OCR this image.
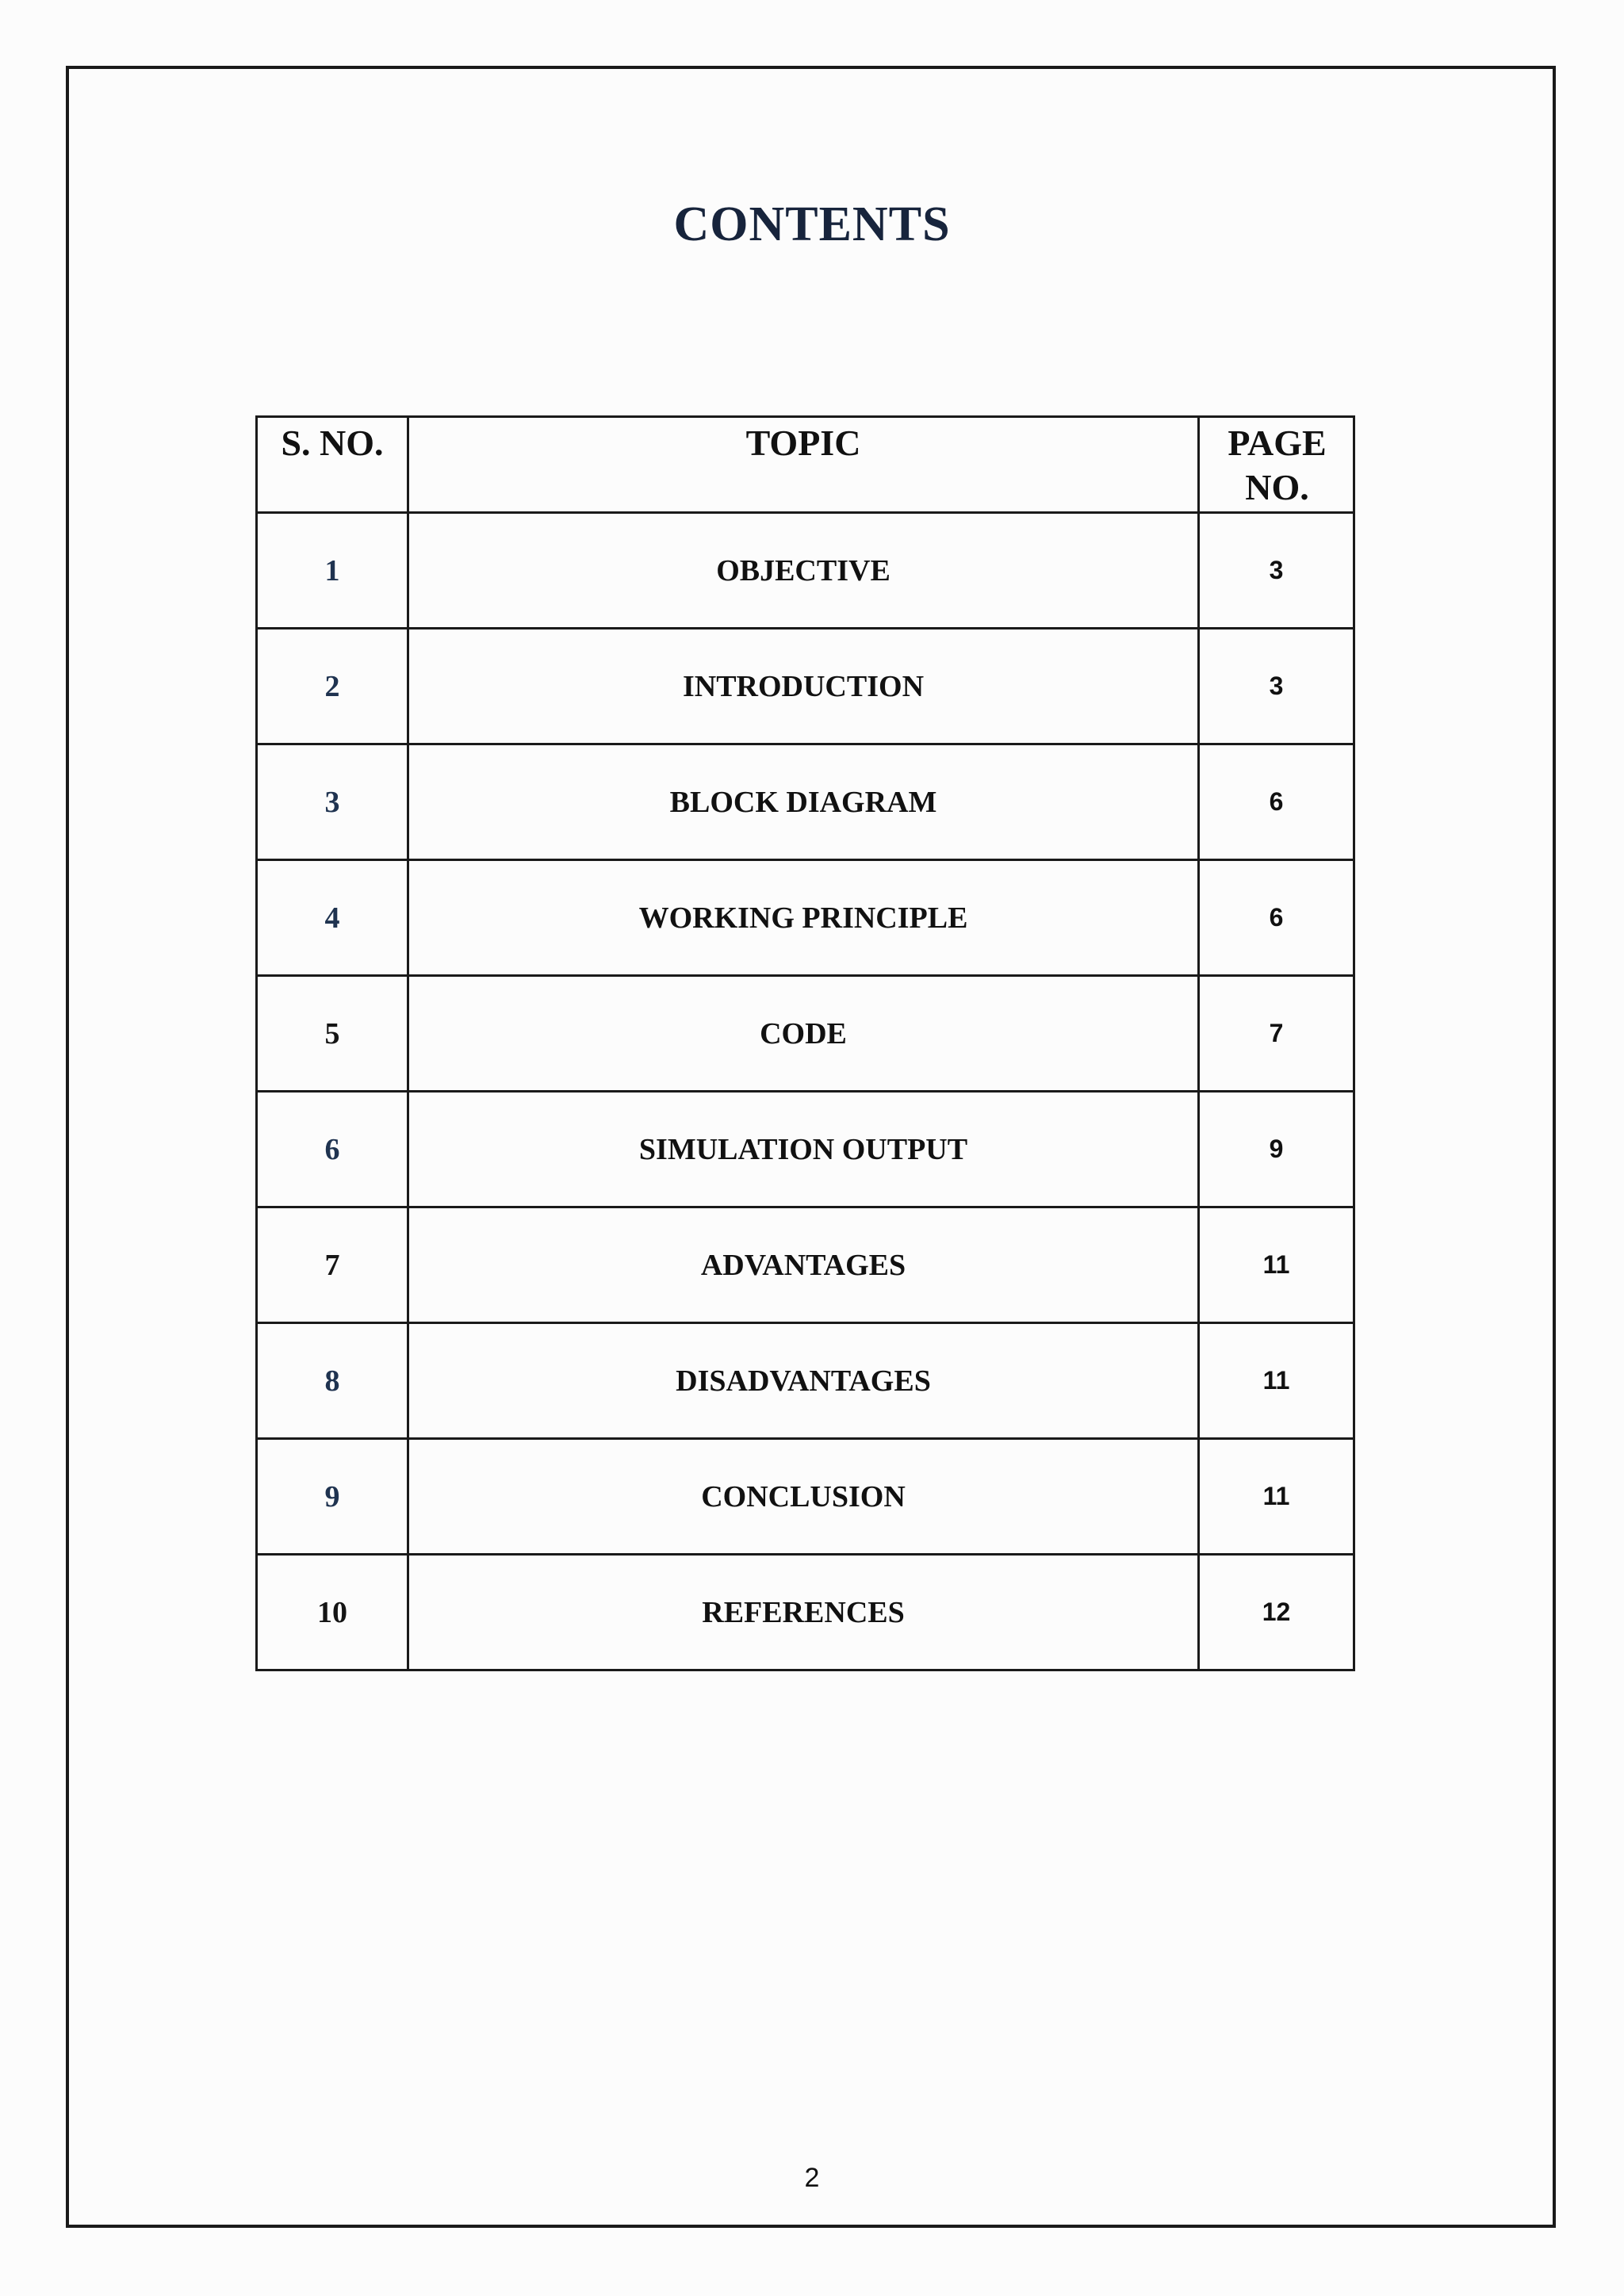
CONTENTS
S. NO.	TOPIC	PAGE
NO.
1	OBJECTIVE	3
2	INTRODUCTION	3
3	BLOCK DIAGRAM	6
4	WORKING PRINCIPLE	6
5	CODE	7
6	SIMULATION OUTPUT	9
7	ADVANTAGES	11
8	DISADVANTAGES	11
9	CONCLUSION	11
10	REFERENCES	12
2
